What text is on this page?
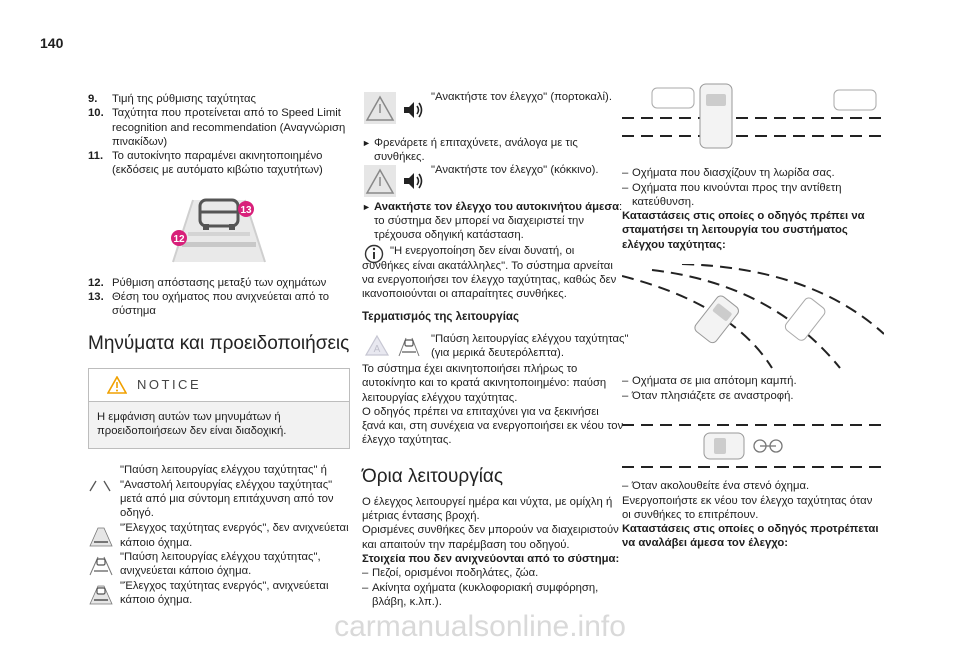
140
9.	Τιμή της ρύθμισης ταχύτητας
10. Ταχύτητα που προτείνεται από το Speed Limit recognition and recommendation (Αναγνώριση πινακίδων)
11. Το αυτοκίνητο παραμένει ακινητοποιημένο (εκδόσεις με αυτόματο κιβώτιο ταχυτήτων)
12
13
12. Ρύθμιση απόστασης μεταξύ των οχημάτων
13. Θέση του οχήματος που ανιχνεύεται από το σύστημα
Μηνύματα και προειδοποιήσεις
NOTICE
Η εμφάνιση αυτών των μηνυμάτων ή προειδοποιήσεων δεν είναι διαδοχική.
"Παύση λειτουργίας ελέγχου ταχύτητας" ή "Αναστολή λειτουργίας ελέγχου ταχύτητας" μετά από μια σύντομη επιτάχυνση από τον οδηγό.
"Έλεγχος ταχύτητας ενεργός", δεν ανιχνεύεται κάποιο όχημα.
"Παύση λειτουργίας ελέγχου ταχύτητας", ανιχνεύεται κάποιο όχημα.
"Έλεγχος ταχύτητας ενεργός", ανιχνεύεται κάποιο όχημα.
"Ανακτήστε τον έλεγχο" (πορτοκαλί).
► Φρενάρετε ή επιταχύνετε, ανάλογα με τις συνθήκες.
"Ανακτήστε τον έλεγχο" (κόκκινο).
► Ανακτήστε τον έλεγχο του αυτοκινήτου άμεσα: το σύστημα δεν μπορεί να διαχειριστεί την τρέχουσα οδηγική κατάσταση.
"Η ενεργοποίηση δεν είναι δυνατή, οι συνθήκες είναι ακατάλληλες". Το σύστημα αρνείται να ενεργοποιήσει τον έλεγχο ταχύτητας, καθώς δεν ικανοποιούνται οι απαραίτητες συνθήκες.
Τερματισμός της λειτουργίας
A
"Παύση λειτουργίας ελέγχου ταχύτητας" (για μερικά δευτερόλεπτα).
Το σύστημα έχει ακινητοποιήσει πλήρως το αυτοκίνητο και το κρατά ακινητοποιημένο: παύση λειτουργίας ελέγχου ταχύτητας.
Ο οδηγός πρέπει να επιταχύνει για να ξεκινήσει ξανά και, στη συνέχεια να ενεργοποιήσει εκ νέου τον έλεγχο ταχύτητας.
Όρια λειτουργίας
Ο έλεγχος λειτουργεί ημέρα και νύχτα, με ομίχλη ή μέτριας έντασης βροχή.
Ορισμένες συνθήκες δεν μπορούν να διαχειριστούν και απαιτούν την παρέμβαση του οδηγού.
Στοιχεία που δεν ανιχνεύονται από το σύστημα:
– Πεζοί, ορισμένοι ποδηλάτες, ζώα.
– Ακίνητα οχήματα (κυκλοφοριακή συμφόρηση, βλάβη, κ.λπ.).
– Οχήματα που διασχίζουν τη λωρίδα σας.
– Οχήματα που κινούνται προς την αντίθετη κατεύθυνση.
Καταστάσεις στις οποίες ο οδηγός πρέπει να σταματήσει τη λειτουργία του συστήματος ελέγχου ταχύτητας:
– Οχήματα σε μια απότομη καμπή.
– Όταν πλησιάζετε σε αναστροφή.
– Όταν ακολουθείτε ένα στενό όχημα.
Ενεργοποιήστε εκ νέου τον έλεγχο ταχύτητας όταν οι συνθήκες το επιτρέπουν.
Καταστάσεις στις οποίες ο οδηγός προτρέπεται να αναλάβει άμεσα τον έλεγχο:
carmanualsonline.info
